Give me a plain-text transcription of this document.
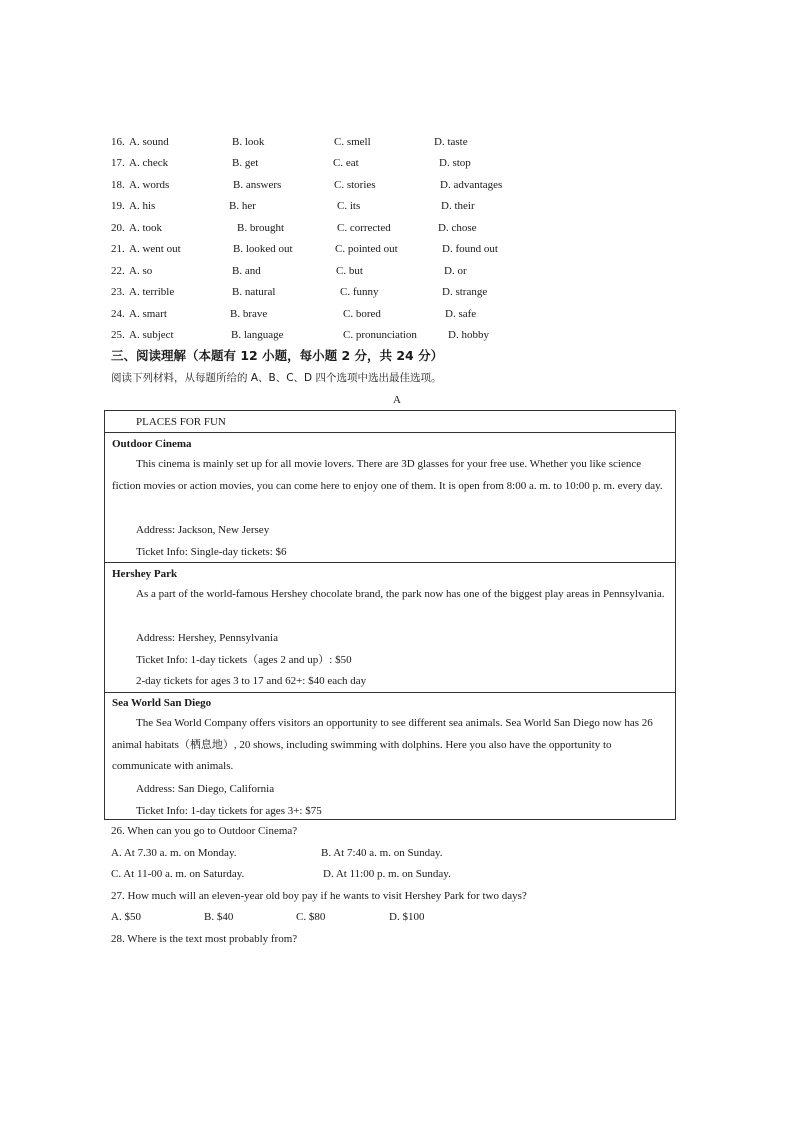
16. A. sound	B. look	C. smell	D. taste
17. A. check	B. get	C. eat	D. stop
18. A. words	B. answers	C. stories	D. advantages
19. A. his	B. her	C. its	D. their
20. A. took	B. brought	C. corrected	D. chose
21. A. went out	B. looked out	C. pointed out	D. found out
22. A. so	B. and	C. but	D. or
23. A. terrible	B. natural	C. funny	D. strange
24. A. smart	B. brave	C. bored	D. safe
25. A. subject	B. language	C. pronunciation	D. hobby
三、阅读理解（本题有 12 小题，每小题 2 分，共 24 分）
阅读下列材料，从每题所给的 A、B、C、D 四个选项中选出最佳选项。
A
PLACES FOR FUN
Outdoor Cinema
This cinema is mainly set up for all movie lovers. There are 3D glasses for your free use. Whether you like science fiction movies or action movies, you can come here to enjoy one of them. It is open from 8:00 a. m. to 10:00 p. m. every day.
Address: Jackson, New Jersey
Ticket Info: Single-day tickets: $6
Hershey Park
As a part of the world-famous Hershey chocolate brand, the park now has one of the biggest play areas in Pennsylvania.
Address: Hershey, Pennsylvania
Ticket Info: 1-day tickets（ages 2 and up）: $50
2-day tickets for ages 3 to 17 and 62+: $40 each day
Sea World San Diego
The Sea World Company offers visitors an opportunity to see different sea animals. Sea World San Diego now has 26 animal habitats（栖息地）, 20 shows, including swimming with dolphins. Here you also have the opportunity to communicate with animals.
Address: San Diego, California
Ticket Info: 1-day tickets for ages 3+: $75
26. When can you go to Outdoor Cinema?
A. At 7.30 a. m. on Monday.	B. At 7:40 a. m. on Sunday.
C. At 11-00 a. m. on Saturday.	D. At 11:00 p. m. on Sunday.
27. How much will an eleven-year old boy pay if he wants to visit Hershey Park for two days?
A. $50	B. $40	C. $80	D. $100
28. Where is the text most probably from?
